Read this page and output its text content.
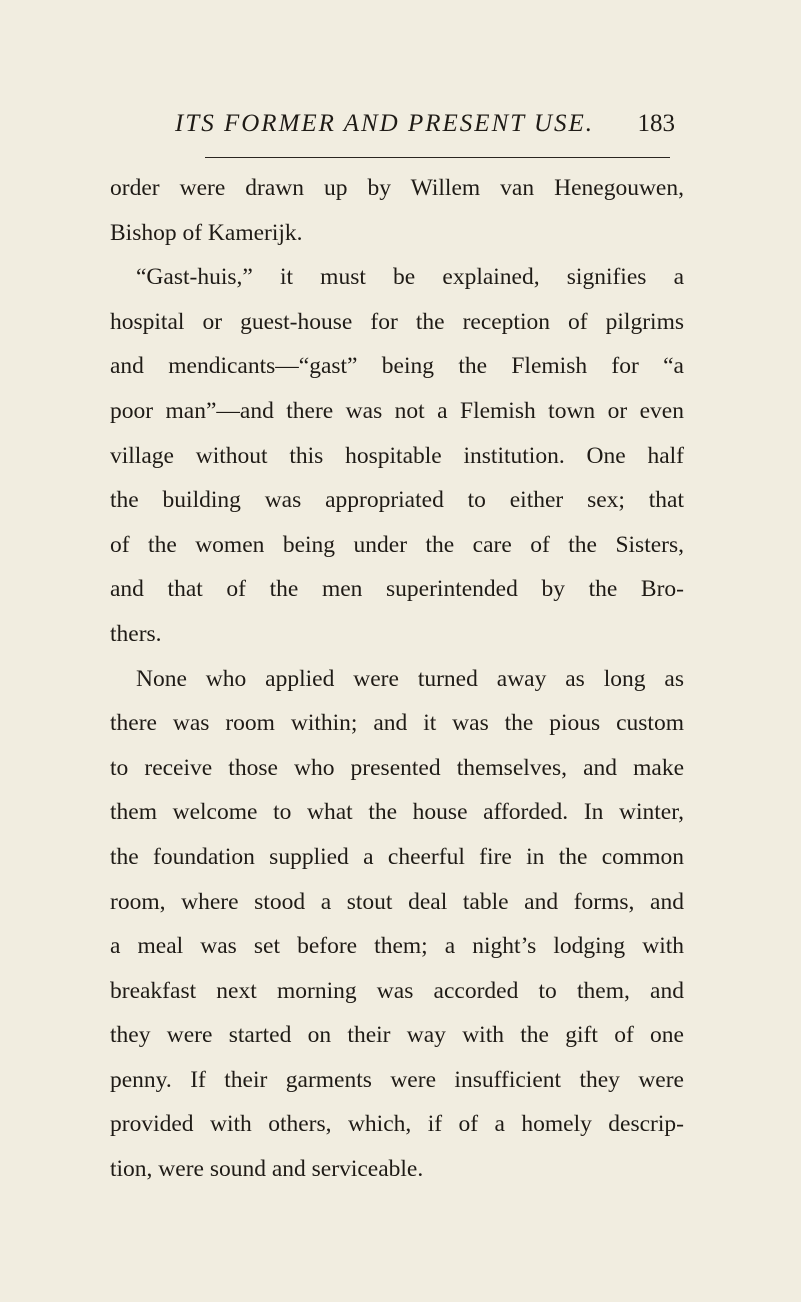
ITS FORMER AND PRESENT USE. 183
order were drawn up by Willem van Henegouwen,
Bishop of Kamerijk.
“Gast-huis,” it must be explained, signifies a
hospital or guest-house for the reception of pilgrims
and mendicants—“gast” being the Flemish for “a
poor man”—and there was not a Flemish town or even
village without this hospitable institution. One half
the building was appropriated to either sex; that
of the women being under the care of the Sisters,
and that of the men superintended by the Bro-
thers.
None who applied were turned away as long as
there was room within; and it was the pious custom
to receive those who presented themselves, and make
them welcome to what the house afforded. In winter,
the foundation supplied a cheerful fire in the common
room, where stood a stout deal table and forms, and
a meal was set before them; a night’s lodging with
breakfast next morning was accorded to them, and
they were started on their way with the gift of one
penny. If their garments were insufficient they were
provided with others, which, if of a homely descrip-
tion, were sound and serviceable.
